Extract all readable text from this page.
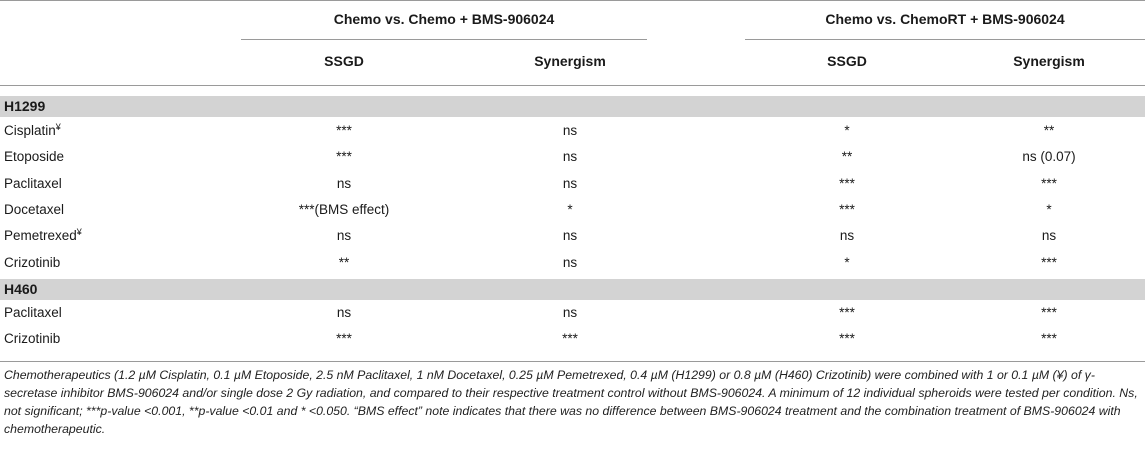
Chemo vs. Chemo + BMS-906024	Chemo vs. ChemoRT + BMS-906024
SSGD	Synergism	SSGD	Synergism
H1299
Cisplatin¥	***	ns	*	**
Etoposide	***	ns	**	ns (0.07)
Paclitaxel	ns	ns	***	***
Docetaxel	***(BMS effect)	*	***	*
Pemetrexed¥	ns	ns	ns	ns
Crizotinib	**	ns	*	***
H460
Paclitaxel	ns	ns	***	***
Crizotinib	***	***	***	***
Chemotherapeutics (1.2 µM Cisplatin, 0.1 µM Etoposide, 2.5 nM Paclitaxel, 1 nM Docetaxel, 0.25 µM Pemetrexed, 0.4 µM (H1299) or 0.8 µM (H460) Crizotinib) were combined with 1 or 0.1 µM (¥) of γ-secretase inhibitor BMS-906024 and/or single dose 2 Gy radiation, and compared to their respective treatment control without BMS-906024. A minimum of 12 individual spheroids were tested per condition. Ns, not significant; ***p-value <0.001, **p-value <0.01 and * <0.050. “BMS effect” note indicates that there was no difference between BMS-906024 treatment and the combination treatment of BMS-906024 with chemotherapeutic.
